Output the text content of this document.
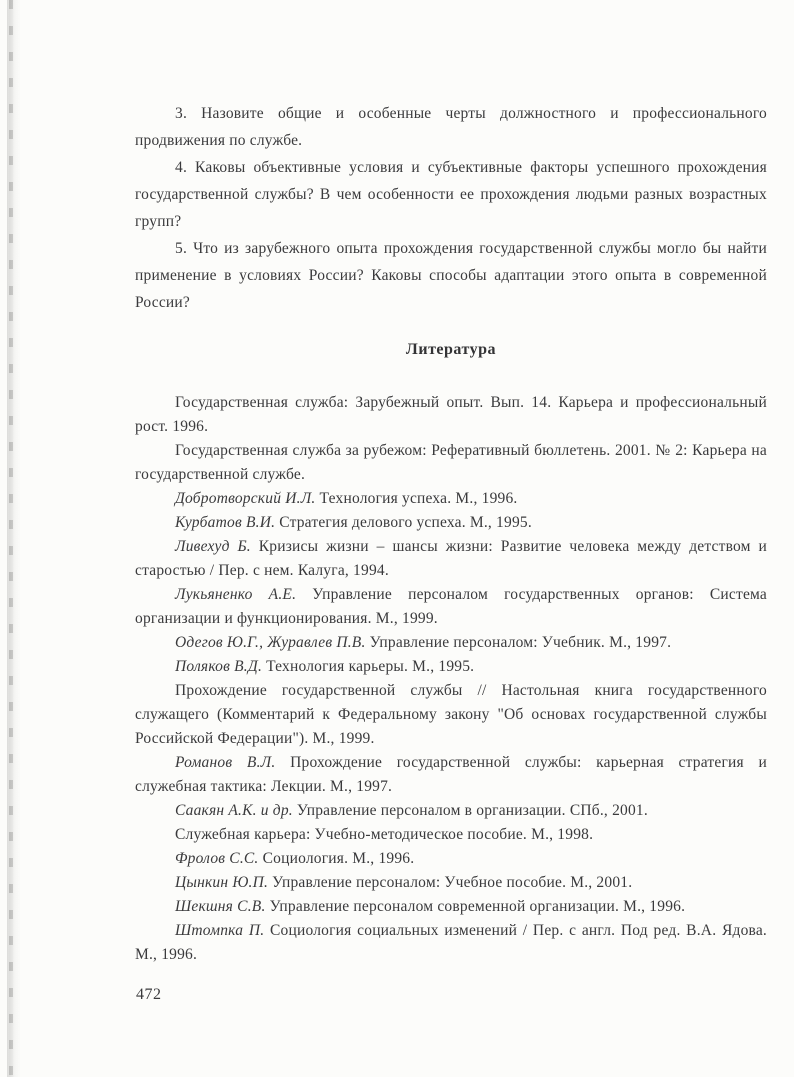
3. Назовите общие и особенные черты должностного и профессионального продвижения по службе.

4. Каковы объективные условия и субъективные факторы успешного прохождения государственной службы? В чем особенности ее прохождения людьми разных возрастных групп?

5. Что из зарубежного опыта прохождения государственной службы могло бы найти применение в условиях России? Каковы способы адаптации этого опыта в современной России?

Литература

Государственная служба: Зарубежный опыт. Вып. 14. Карьера и профессиональный рост. 1996.

Государственная служба за рубежом: Реферативный бюллетень. 2001. № 2: Карьера на государственной службе.

Добротворский И.Л. Технология успеха. М., 1996.

Курбатов В.И. Стратегия делового успеха. М., 1995.

Ливехуд Б. Кризисы жизни – шансы жизни: Развитие человека между детством и старостью / Пер. с нем. Калуга, 1994.

Лукьяненко А.Е. Управление персоналом государственных органов: Система организации и функционирования. М., 1999.

Одегов Ю.Г., Журавлев П.В. Управление персоналом: Учебник. М., 1997.

Поляков В.Д. Технология карьеры. М., 1995.

Прохождение государственной службы // Настольная книга государственного служащего (Комментарий к Федеральному закону "Об основах государственной службы Российской Федерации"). М., 1999.

Романов В.Л. Прохождение государственной службы: карьерная стратегия и служебная тактика: Лекции. М., 1997.

Саакян А.К. и др. Управление персоналом в организации. СПб., 2001.

Служебная карьера: Учебно-методическое пособие. М., 1998.

Фролов С.С. Социология. М., 1996.

Цынкин Ю.П. Управление персоналом: Учебное пособие. М., 2001.

Шекшня С.В. Управление персоналом современной организации. М., 1996.

Штомпка П. Социология социальных изменений / Пер. с англ. Под ред. В.А. Ядова. М., 1996.

472
